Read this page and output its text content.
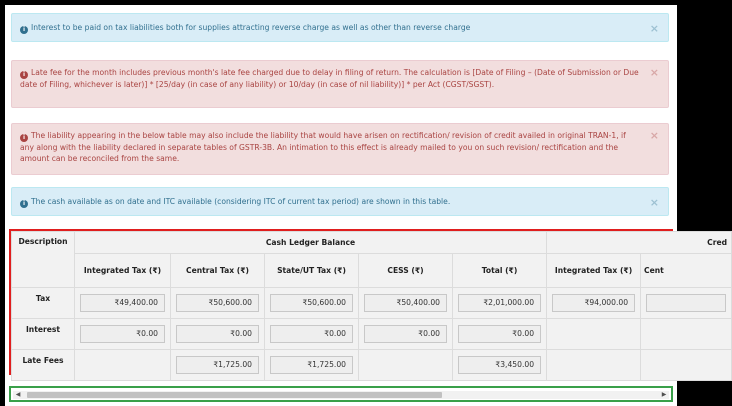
i Interest to be paid on tax liabilities both for supplies attracting reverse charge as well as other than reverse charge	×
i Late fee for the month includes previous month's late fee charged due to delay in filing of return. The calculation is [Date of Filing – (Date of Submission or Due date of Filing, whichever is later)] * [25/day (in case of any liability) or 10/day (in case of nil liability)] * per Act (CGST/SGST).
×
i The liability appearing in the below table may also include the liability that would have arisen on rectification/ revision of credit availed in original TRAN-1, if any along with the liability declared in separate tables of GSTR-3B. An intimation to this effect is already mailed to you on such revision/ rectification and the amount can be reconciled from the same.
×
i The cash available as on date and ITC available (considering ITC of current tax period) are shown in this table.	×
Description	Cash Ledger Balance					Cred	
	Integrated Tax (₹)	Central Tax (₹)	State/UT Tax (₹)	CESS (₹)	Total (₹)	Integrated Tax (₹)	Cent
Tax	₹49,400.00	₹50,600.00	₹50,600.00	₹50,400.00	₹2,01,000.00	₹94,000.00	

Interest	₹0.00	₹0.00	₹0.00	₹0.00	₹0.00		

Late Fees		₹1,725.00	₹1,725.00		₹3,450.00		

◀	▶
